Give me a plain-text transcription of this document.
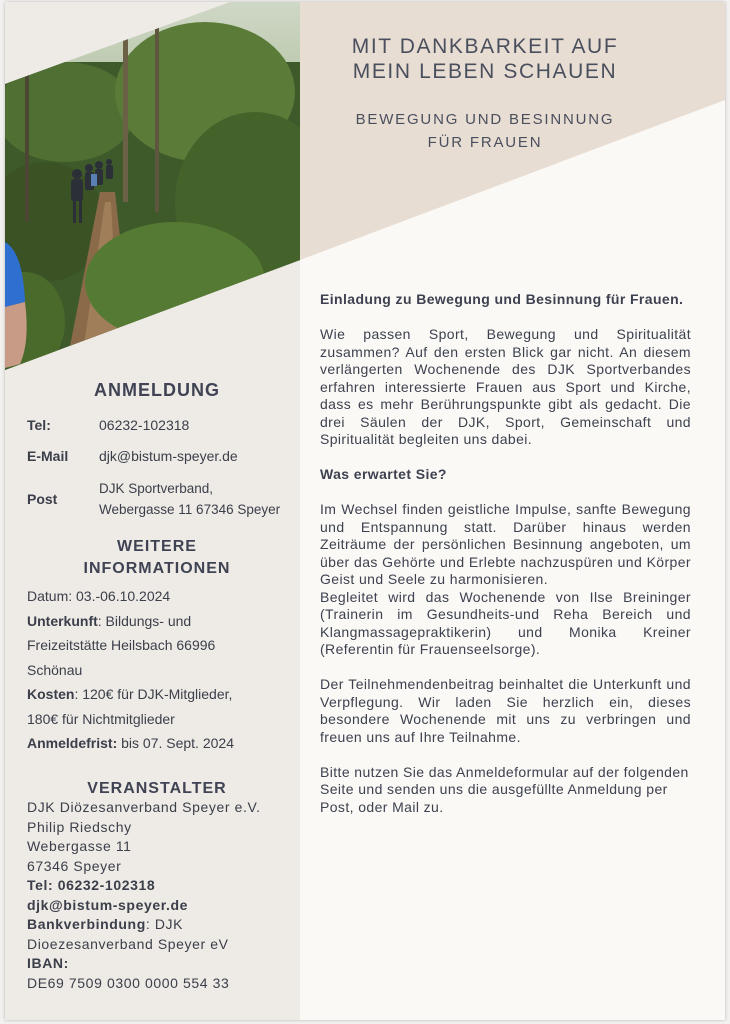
MIT DANKBARKEIT AUF
MEIN LEBEN SCHAUEN
BEWEGUNG UND BESINNUNG
FÜR FRAUEN

Einladung zu Bewegung und Besinnung für Frauen.

Wie passen Sport, Bewegung und Spiritualität zusammen? Auf den ersten Blick gar nicht. An diesem verlängerten Wochenende des DJK Sportverbandes erfahren interessierte Frauen aus Sport und Kirche, dass es mehr Berührungspunkte gibt als gedacht. Die drei Säulen der DJK, Sport, Gemeinschaft und Spiritualität begleiten uns dabei.

Was erwartet Sie?

Im Wechsel finden geistliche Impulse, sanfte Bewegung und Entspannung statt. Darüber hinaus werden Zeiträume der persönlichen Besinnung angeboten, um über das Gehörte und Erlebte nachzuspüren und Körper Geist und Seele zu harmonisieren.

Begleitet wird das Wochenende von Ilse Breininger (Trainerin im Gesundheits-und Reha Bereich und Klangmassagepraktikerin) und Monika Kreiner (Referentin für Frauenseelsorge).

Der Teilnehmendenbeitrag beinhaltet die Unterkunft und Verpflegung. Wir laden Sie herzlich ein, dieses besondere Wochenende mit uns zu verbringen und freuen uns auf Ihre Teilnahme.

Bitte nutzen Sie das Anmeldeformular auf der folgenden Seite und senden uns die ausgefüllte Anmeldung per Post, oder Mail zu.

ANMELDUNG
Tel:	06232-102318
E-Mail	djk@bistum-speyer.de
Post
DJK Sportverband,
Webergasse 11 67346 Speyer
WEITERE
INFORMATIONEN
Datum: 03.-06.10.2024
Unterkunft: Bildungs- und
Freizeitstätte Heilsbach 66996
Schönau
Kosten: 120€ für DJK-Mitglieder,
180€ für Nichtmitglieder
Anmeldefrist: bis 07. Sept. 2024
VERANSTALTER
DJK Diözesanverband Speyer e.V.
Philip Riedschy
Webergasse 11
67346 Speyer
Tel: 06232-102318
djk@bistum-speyer.de
Bankverbindung: DJK
Dioezesanverband Speyer eV
IBAN:
DE69 7509 0300 0000 554 33
